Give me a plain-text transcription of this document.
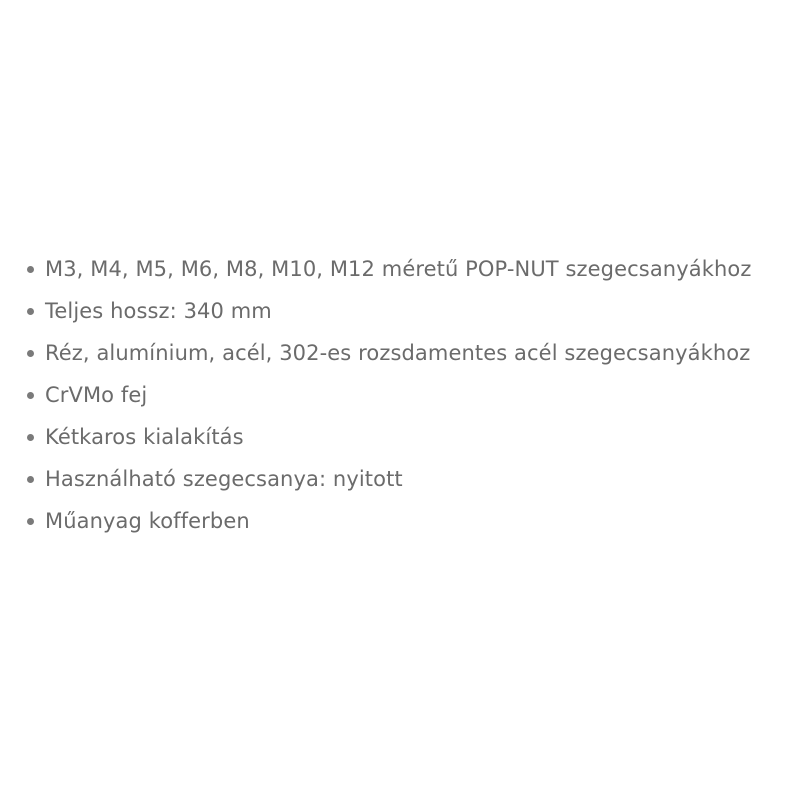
M3, M4, M5, M6, M8, M10, M12 méretű POP-NUT szegecsanyákhoz
Teljes hossz: 340 mm
Réz, alumínium, acél, 302-es rozsdamentes acél szegecsanyákhoz
CrVMo fej
Kétkaros kialakítás
Használható szegecsanya: nyitott
Műanyag kofferben
